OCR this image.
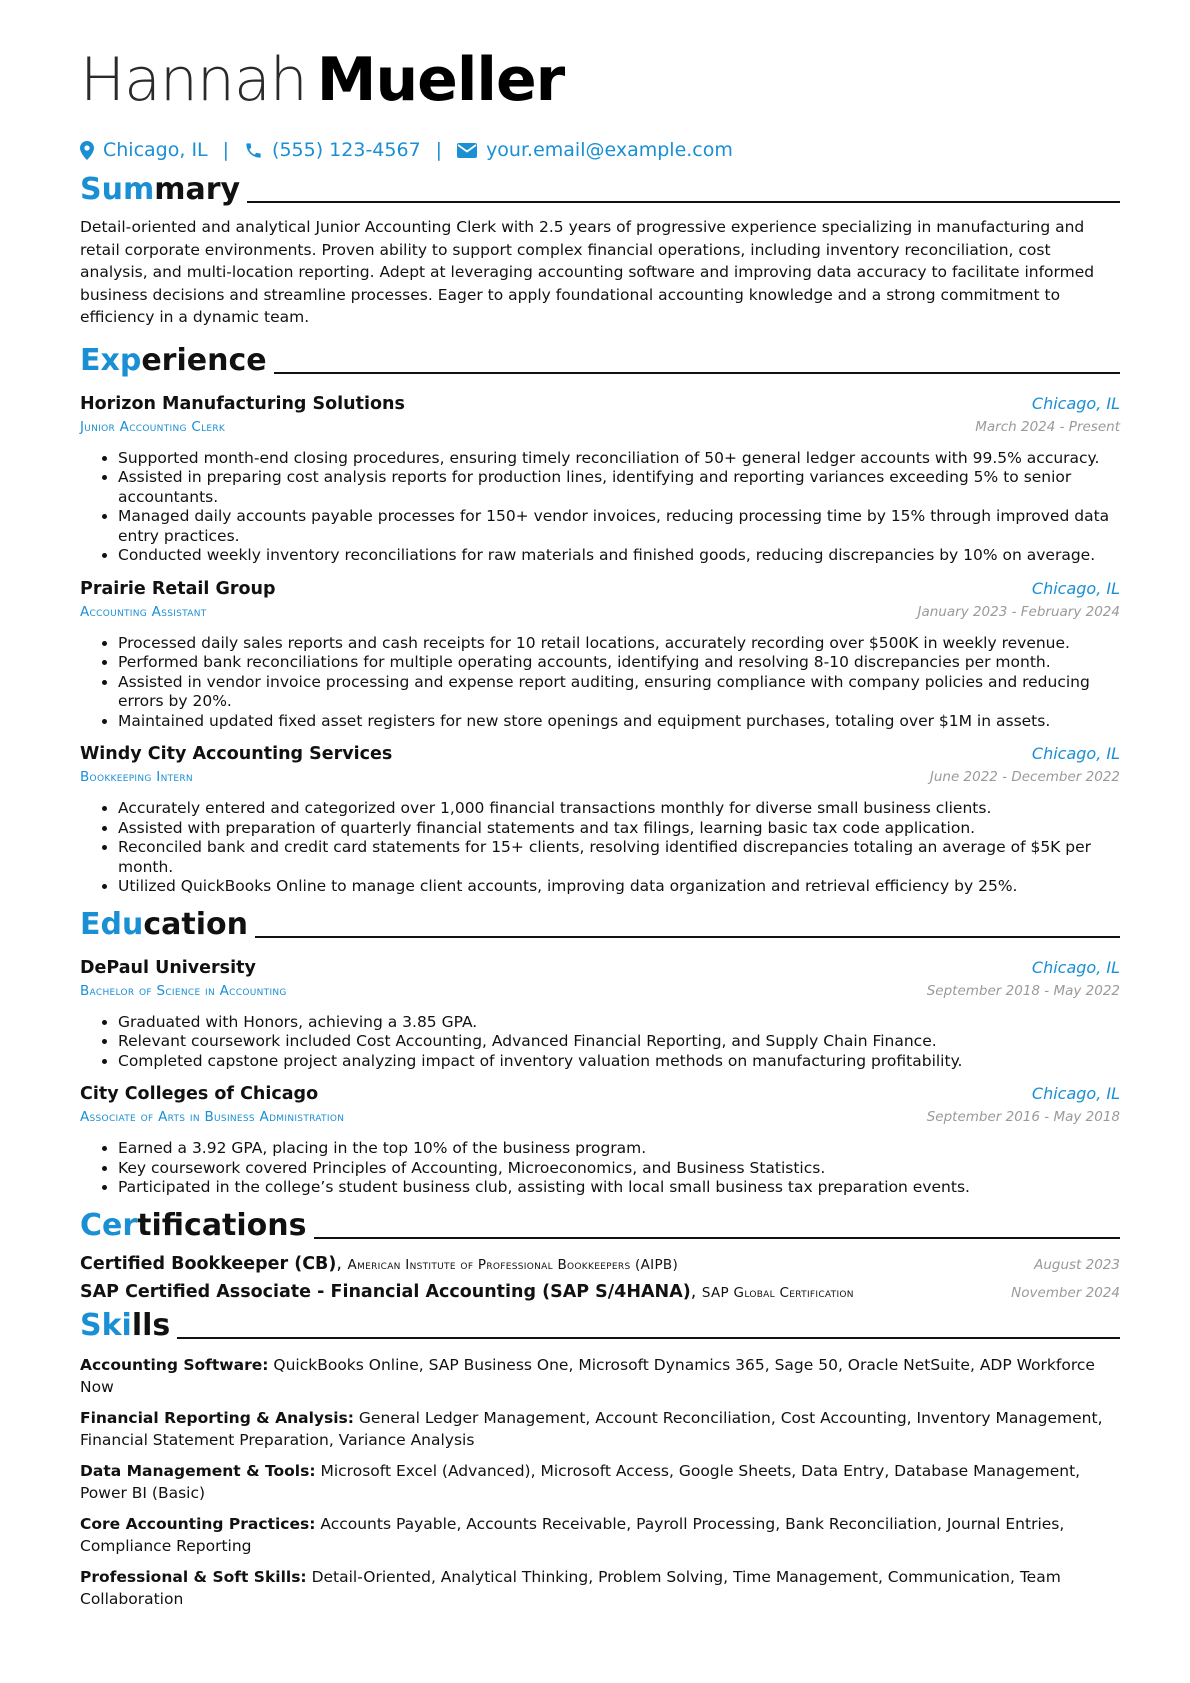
Hannah Mueller
Chicago, IL | (555) 123-4567 | your.email@example.com
Summary
Detail-oriented and analytical Junior Accounting Clerk with 2.5 years of progressive experience specializing in manufacturing and retail corporate environments. Proven ability to support complex financial operations, including inventory reconciliation, cost analysis, and multi-location reporting. Adept at leveraging accounting software and improving data accuracy to facilitate informed business decisions and streamline processes. Eager to apply foundational accounting knowledge and a strong commitment to efficiency in a dynamic team.
Experience
Horizon Manufacturing Solutions	Chicago, IL
Junior Accounting Clerk	March 2024 - Present
• Supported month-end closing procedures, ensuring timely reconciliation of 50+ general ledger accounts with 99.5% accuracy.
• Assisted in preparing cost analysis reports for production lines, identifying and reporting variances exceeding 5% to senior accountants.
• Managed daily accounts payable processes for 150+ vendor invoices, reducing processing time by 15% through improved data entry practices.
• Conducted weekly inventory reconciliations for raw materials and finished goods, reducing discrepancies by 10% on average.
Prairie Retail Group	Chicago, IL
Accounting Assistant	January 2023 - February 2024
• Processed daily sales reports and cash receipts for 10 retail locations, accurately recording over $500K in weekly revenue.
• Performed bank reconciliations for multiple operating accounts, identifying and resolving 8-10 discrepancies per month.
• Assisted in vendor invoice processing and expense report auditing, ensuring compliance with company policies and reducing errors by 20%.
• Maintained updated fixed asset registers for new store openings and equipment purchases, totaling over $1M in assets.
Windy City Accounting Services	Chicago, IL
Bookkeeping Intern	June 2022 - December 2022
• Accurately entered and categorized over 1,000 financial transactions monthly for diverse small business clients.
• Assisted with preparation of quarterly financial statements and tax filings, learning basic tax code application.
• Reconciled bank and credit card statements for 15+ clients, resolving identified discrepancies totaling an average of $5K per month.
• Utilized QuickBooks Online to manage client accounts, improving data organization and retrieval efficiency by 25%.
Education
DePaul University	Chicago, IL
Bachelor of Science in Accounting	September 2018 - May 2022
• Graduated with Honors, achieving a 3.85 GPA.
• Relevant coursework included Cost Accounting, Advanced Financial Reporting, and Supply Chain Finance.
• Completed capstone project analyzing impact of inventory valuation methods on manufacturing profitability.
City Colleges of Chicago	Chicago, IL
Associate of Arts in Business Administration	September 2016 - May 2018
• Earned a 3.92 GPA, placing in the top 10% of the business program.
• Key coursework covered Principles of Accounting, Microeconomics, and Business Statistics.
• Participated in the college’s student business club, assisting with local small business tax preparation events.
Certifications
Certified Bookkeeper (CB), American Institute of Professional Bookkeepers (AIPB)	August 2023
SAP Certified Associate - Financial Accounting (SAP S/4HANA), SAP Global Certification	November 2024
Skills
Accounting Software: QuickBooks Online, SAP Business One, Microsoft Dynamics 365, Sage 50, Oracle NetSuite, ADP Workforce Now
Financial Reporting & Analysis: General Ledger Management, Account Reconciliation, Cost Accounting, Inventory Management, Financial Statement Preparation, Variance Analysis
Data Management & Tools: Microsoft Excel (Advanced), Microsoft Access, Google Sheets, Data Entry, Database Management, Power BI (Basic)
Core Accounting Practices: Accounts Payable, Accounts Receivable, Payroll Processing, Bank Reconciliation, Journal Entries, Compliance Reporting
Professional & Soft Skills: Detail-Oriented, Analytical Thinking, Problem Solving, Time Management, Communication, Team Collaboration
